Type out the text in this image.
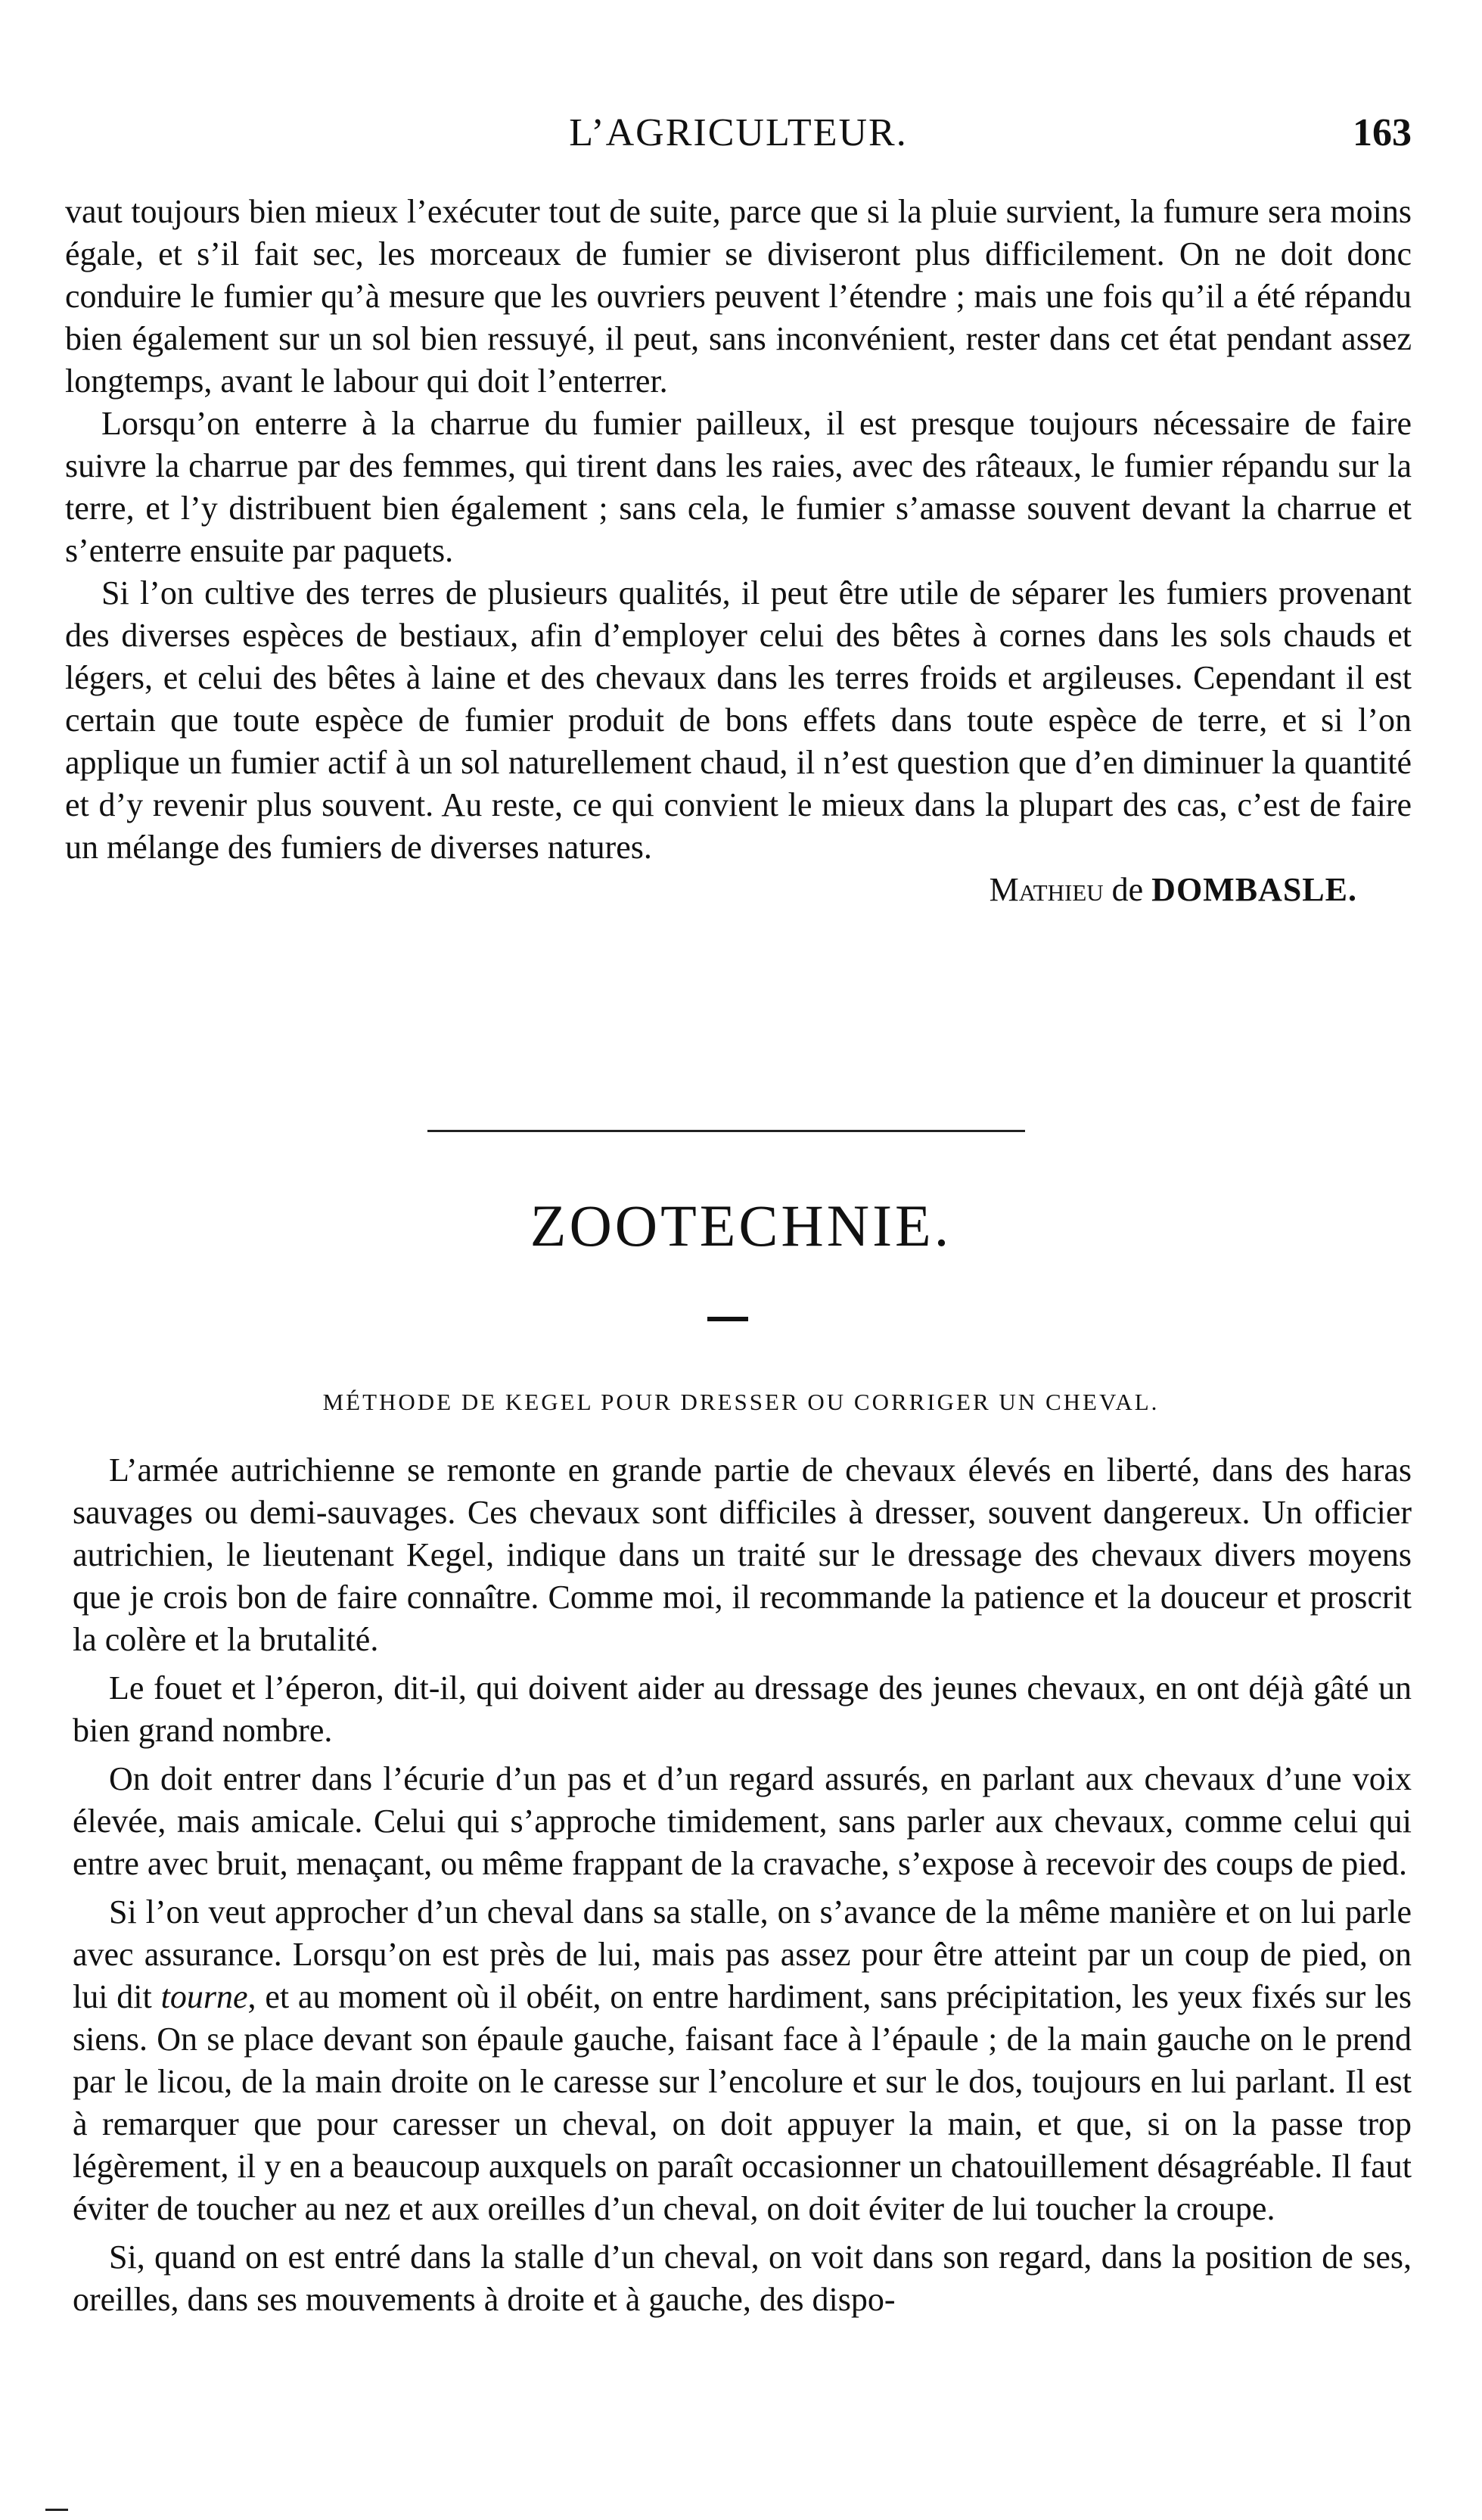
L’AGRICULTEUR.	163

vaut toujours bien mieux l’exécuter tout de suite, parce que si la pluie survient, la fumure sera moins égale, et s’il fait sec, les morceaux de fumier se diviseront plus difficilement. On ne doit donc conduire le fumier qu’à mesure que les ouvriers peuvent l’étendre ; mais une fois qu’il a été répandu bien également sur un sol bien ressuyé, il peut, sans inconvénient, rester dans cet état pendant assez longtemps, avant le labour qui doit l’enterrer.

Lorsqu’on enterre à la charrue du fumier pailleux, il est presque toujours nécessaire de faire suivre la charrue par des femmes, qui tirent dans les raies, avec des râteaux, le fumier répandu sur la terre, et l’y distribuent bien également ; sans cela, le fumier s’amasse souvent devant la charrue et s’enterre ensuite par paquets.

Si l’on cultive des terres de plusieurs qualités, il peut être utile de séparer les fumiers provenant des diverses espèces de bestiaux, afin d’employer celui des bêtes à cornes dans les sols chauds et légers, et celui des bêtes à laine et des chevaux dans les terres froids et argileuses. Cependant il est certain que toute espèce de fumier produit de bons effets dans toute espèce de terre, et si l’on applique un fumier actif à un sol naturellement chaud, il n’est question que d’en diminuer la quantité et d’y revenir plus souvent. Au reste, ce qui convient le mieux dans la plupart des cas, c’est de faire un mélange des fumiers de diverses natures.

Mathieu de DOMBASLE.

ZOOTECHNIE.
MÉTHODE DE KEGEL POUR DRESSER OU CORRIGER UN CHEVAL.

L’armée autrichienne se remonte en grande partie de chevaux élevés en liberté, dans des haras sauvages ou demi-sauvages. Ces chevaux sont difficiles à dresser, souvent dangereux. Un officier autrichien, le lieutenant Kegel, indique dans un traité sur le dressage des chevaux divers moyens que je crois bon de faire connaître. Comme moi, il recommande la patience et la douceur et proscrit la colère et la brutalité.

Le fouet et l’éperon, dit-il, qui doivent aider au dressage des jeunes chevaux, en ont déjà gâté un bien grand nombre.

On doit entrer dans l’écurie d’un pas et d’un regard assurés, en parlant aux chevaux d’une voix élevée, mais amicale. Celui qui s’approche timidement, sans parler aux chevaux, comme celui qui entre avec bruit, menaçant, ou même frappant de la cravache, s’expose à recevoir des coups de pied.

Si l’on veut approcher d’un cheval dans sa stalle, on s’avance de la même manière et on lui parle avec assurance. Lorsqu’on est près de lui, mais pas assez pour être atteint par un coup de pied, on lui dit tourne, et au moment où il obéit, on entre hardiment, sans précipitation, les yeux fixés sur les siens. On se place devant son épaule gauche, faisant face à l’épaule ; de la main gauche on le prend par le licou, de la main droite on le caresse sur l’encolure et sur le dos, toujours en lui parlant. Il est à remarquer que pour caresser un cheval, on doit appuyer la main, et que, si on la passe trop légèrement, il y en a beaucoup auxquels on paraît occasionner un chatouillement désagréable. Il faut éviter de toucher au nez et aux oreilles d’un cheval, on doit éviter de lui toucher la croupe.

Si, quand on est entré dans la stalle d’un cheval, on voit dans son regard, dans la position de ses, oreilles, dans ses mouvements à droite et à gauche, des dispo-
